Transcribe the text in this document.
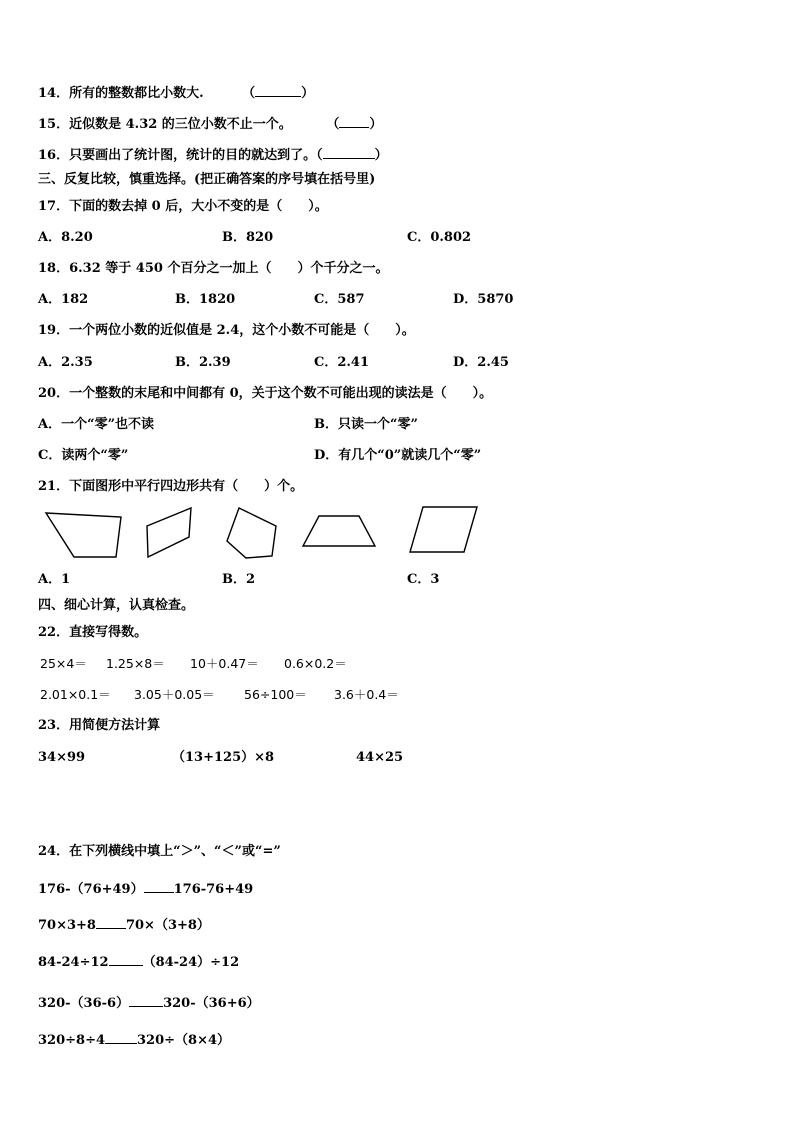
14．所有的整数都比小数大.	（	）
15．近似数是 4.32 的三位小数不止一个。	（ ）
16．只要画出了统计图，统计的目的就达到了。（	）
三、反复比较，慎重选择。(把正确答案的序号填在括号里)
17．下面的数去掉 0 后，大小不变的是（　　）。
A．8.20	B．820	C．0.802
18．6.32 等于 450 个百分之一加上（　　）个千分之一。
A．182	B．1820	C．587	D．5870
19．一个两位小数的近似值是 2.4，这个小数不可能是（　　）。
A．2.35	B．2.39	C．2.41	D．2.45
20．一个整数的末尾和中间都有 0，关于这个数不可能出现的读法是（　　）。
A．一个“零”也不读	B．只读一个“零”
C．读两个“零”	D．有几个“0”就读几个“零”
21．下面图形中平行四边形共有（　　）个。
A．1	B．2	C．3
四、细心计算，认真检查。
22．直接写得数。
25×4＝ 1.25×8＝ 10＋0.47＝ 0.6×0.2＝
2.01×0.1＝ 3.05＋0.05＝ 56÷100＝ 3.6＋0.4＝
23．用简便方法计算
34×99	（13+125）×8	44×25
24．在下列横线中填上“＞”、“＜”或“=”
176-（76+49） 176-76+49
70×3+8 70×（3+8）
84-24÷12	（84-24）÷12
320-（36-6）	320-（36+6）
320÷8÷4 320÷（8×4）
